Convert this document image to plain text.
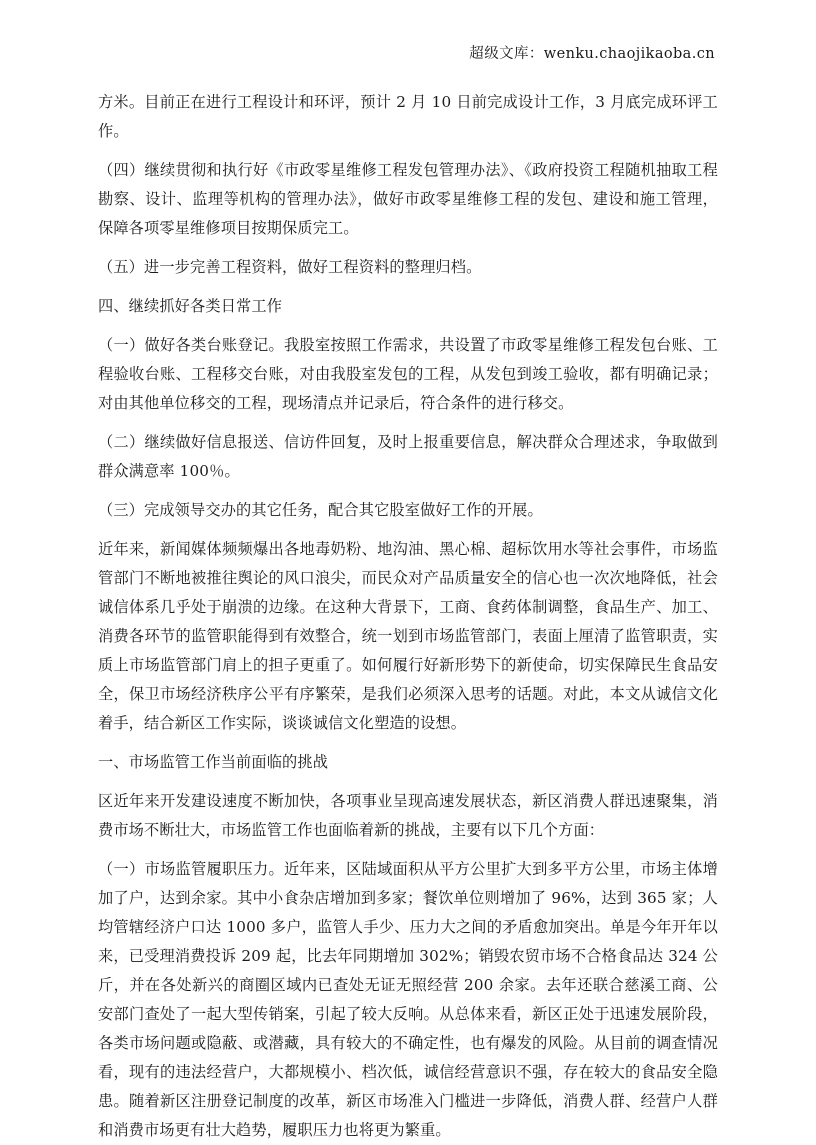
超级文库：wenku.chaojikaoba.cn

方米。目前正在进行工程设计和环评，预计 2 月 10 日前完成设计工作，3 月底完成环评工作。

（四）继续贯彻和执行好《市政零星维修工程发包管理办法》、《政府投资工程随机抽取工程勘察、设计、监理等机构的管理办法》，做好市政零星维修工程的发包、建设和施工管理，保障各项零星维修项目按期保质完工。

（五）进一步完善工程资料，做好工程资料的整理归档。

四、继续抓好各类日常工作

（一）做好各类台账登记。我股室按照工作需求，共设置了市政零星维修工程发包台账、工程验收台账、工程移交台账，对由我股室发包的工程，从发包到竣工验收，都有明确记录；对由其他单位移交的工程，现场清点并记录后，符合条件的进行移交。

（二）继续做好信息报送、信访件回复，及时上报重要信息，解决群众合理述求，争取做到群众满意率 100％。

（三）完成领导交办的其它任务，配合其它股室做好工作的开展。

近年来，新闻媒体频频爆出各地毒奶粉、地沟油、黑心棉、超标饮用水等社会事件，市场监管部门不断地被推往舆论的风口浪尖，而民众对产品质量安全的信心也一次次地降低，社会诚信体系几乎处于崩溃的边缘。在这种大背景下，工商、食药体制调整，食品生产、加工、消费各环节的监管职能得到有效整合，统一划到市场监管部门，表面上厘清了监管职责，实质上市场监管部门肩上的担子更重了。如何履行好新形势下的新使命，切实保障民生食品安全，保卫市场经济秩序公平有序繁荣，是我们必须深入思考的话题。对此，本文从诚信文化着手，结合新区工作实际，谈谈诚信文化塑造的设想。

一、市场监管工作当前面临的挑战

区近年来开发建设速度不断加快，各项事业呈现高速发展状态，新区消费人群迅速聚集，消费市场不断壮大，市场监管工作也面临着新的挑战，主要有以下几个方面：

（一）市场监管履职压力。近年来，区陆域面积从平方公里扩大到多平方公里，市场主体增加了户，达到余家。其中小食杂店增加到多家；餐饮单位则增加了 96%，达到 365 家；人均管辖经济户口达 1000 多户，监管人手少、压力大之间的矛盾愈加突出。单是今年开年以来，已受理消费投诉 209 起，比去年同期增加 302%；销毁农贸市场不合格食品达 324 公斤，并在各处新兴的商圈区域内已查处无证无照经营 200 余家。去年还联合慈溪工商、公安部门查处了一起大型传销案，引起了较大反响。从总体来看，新区正处于迅速发展阶段，各类市场问题或隐蔽、或潜藏，具有较大的不确定性，也有爆发的风险。从目前的调查情况看，现有的违法经营户，大都规模小、档次低，诚信经营意识不强，存在较大的食品安全隐患。随着新区注册登记制度的改革，新区市场准入门槛进一步降低，消费人群、经营户人群和消费市场更有壮大趋势，履职压力也将更为繁重。
